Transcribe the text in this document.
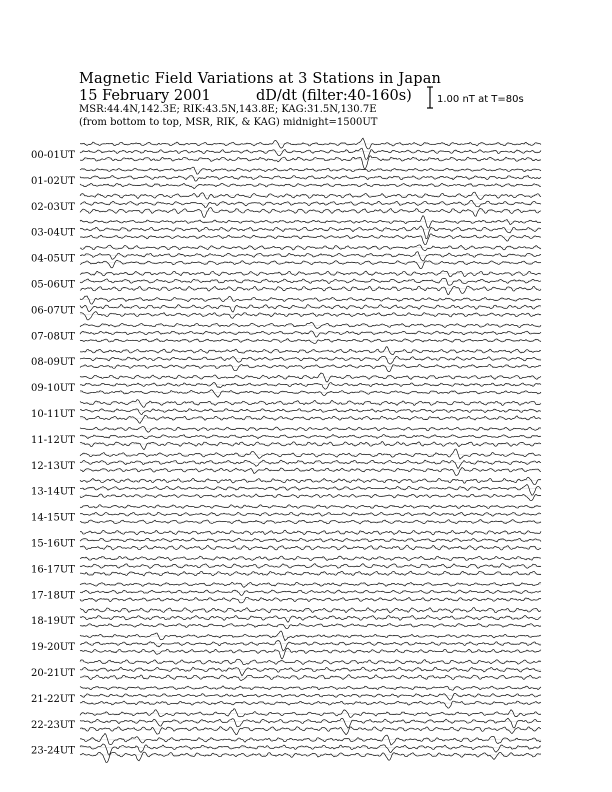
Magnetic Field Variations at 3 Stations in Japan
15 February 2001	dD/dt (filter:40-160s)
MSR:44.4N,142.3E; RIK:43.5N,143.8E; KAG:31.5N,130.7E
(from bottom to top, MSR, RIK, & KAG) midnight=1500UT
1.00 nT at T=80s
00-01UT
01-02UT
02-03UT
03-04UT
04-05UT
05-06UT
06-07UT
07-08UT
08-09UT
09-10UT
10-11UT
11-12UT
12-13UT
13-14UT
14-15UT
15-16UT
16-17UT
17-18UT
18-19UT
19-20UT
20-21UT
21-22UT
22-23UT
23-24UT
